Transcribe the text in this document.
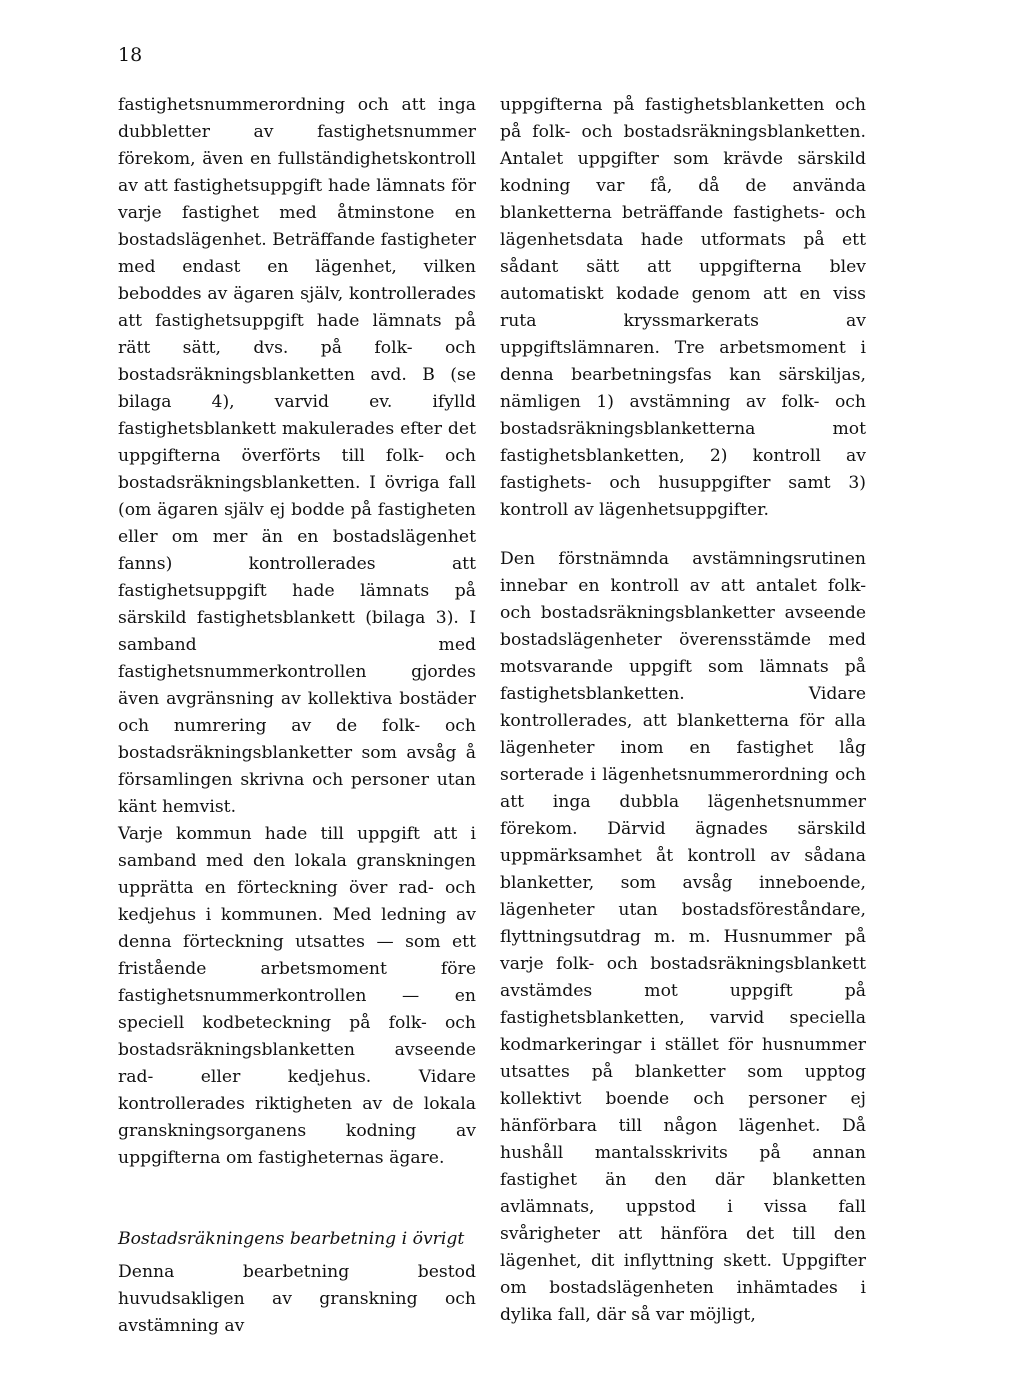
18

fastighetsnummerordning och att inga dubbletter av fastighetsnummer förekom, även en fullständighetskontroll av att fastighetsuppgift hade lämnats för varje fastighet med åtminstone en bostadslägenhet. Beträffande fastigheter med endast en lägenhet, vilken beboddes av ägaren själv, kontrollerades att fastighetsuppgift hade lämnats på rätt sätt, dvs. på folk- och bostadsräkningsblanketten avd. B (se bilaga 4), varvid ev. ifylld fastighetsblankett makulerades efter det uppgifterna överförts till folk- och bostadsräkningsblanketten. I övriga fall (om ägaren själv ej bodde på fastigheten eller om mer än en bostadslägenhet fanns) kontrollerades att fastighetsuppgift hade lämnats på särskild fastighetsblankett (bilaga 3). I samband med fastighetsnummerkontrollen gjordes även avgränsning av kollektiva bostäder och numrering av de folk- och bostadsräkningsblanketter som avsåg å församlingen skrivna och personer utan känt hemvist.

Varje kommun hade till uppgift att i samband med den lokala granskningen upprätta en förteckning över rad- och kedjehus i kommunen. Med ledning av denna förteckning utsattes — som ett fristående arbetsmoment före fastighetsnummerkontrollen — en speciell kodbeteckning på folk- och bostadsräkningsblanketten avseende rad- eller kedjehus. Vidare kontrollerades riktigheten av de lokala granskningsorganens kodning av uppgifterna om fastigheternas ägare.

Bostadsräkningens bearbetning i övrigt

Denna bearbetning bestod huvudsakligen av granskning och avstämning av

uppgifterna på fastighetsblanketten och på folk- och bostadsräkningsblanketten. Antalet uppgifter som krävde särskild kodning var få, då de använda blanketterna beträffande fastighets- och lägenhetsdata hade utformats på ett sådant sätt att uppgifterna blev automatiskt kodade genom att en viss ruta kryssmarkerats av uppgiftslämnaren. Tre arbetsmoment i denna bearbetningsfas kan särskiljas, nämligen 1) avstämning av folk- och bostadsräkningsblanketterna mot fastighetsblanketten, 2) kontroll av fastighets- och husuppgifter samt 3) kontroll av lägenhetsuppgifter.

Den förstnämnda avstämningsrutinen innebar en kontroll av att antalet folk- och bostadsräkningsblanketter avseende bostadslägenheter överensstämde med motsvarande uppgift som lämnats på fastighetsblanketten. Vidare kontrollerades, att blanketterna för alla lägenheter inom en fastighet låg sorterade i lägenhetsnummerordning och att inga dubbla lägenhetsnummer förekom. Därvid ägnades särskild uppmärksamhet åt kontroll av sådana blanketter, som avsåg inneboende, lägenheter utan bostadsföreståndare, flyttningsutdrag m. m. Husnummer på varje folk- och bostadsräkningsblankett avstämdes mot uppgift på fastighetsblanketten, varvid speciella kodmarkeringar i stället för husnummer utsattes på blanketter som upptog kollektivt boende och personer ej hänförbara till någon lägenhet. Då hushåll mantalsskrivits på annan fastighet än den där blanketten avlämnats, uppstod i vissa fall svårigheter att hänföra det till den lägenhet, dit inflyttning skett. Uppgifter om bostadslägenheten inhämtades i dylika fall, där så var möjligt,
